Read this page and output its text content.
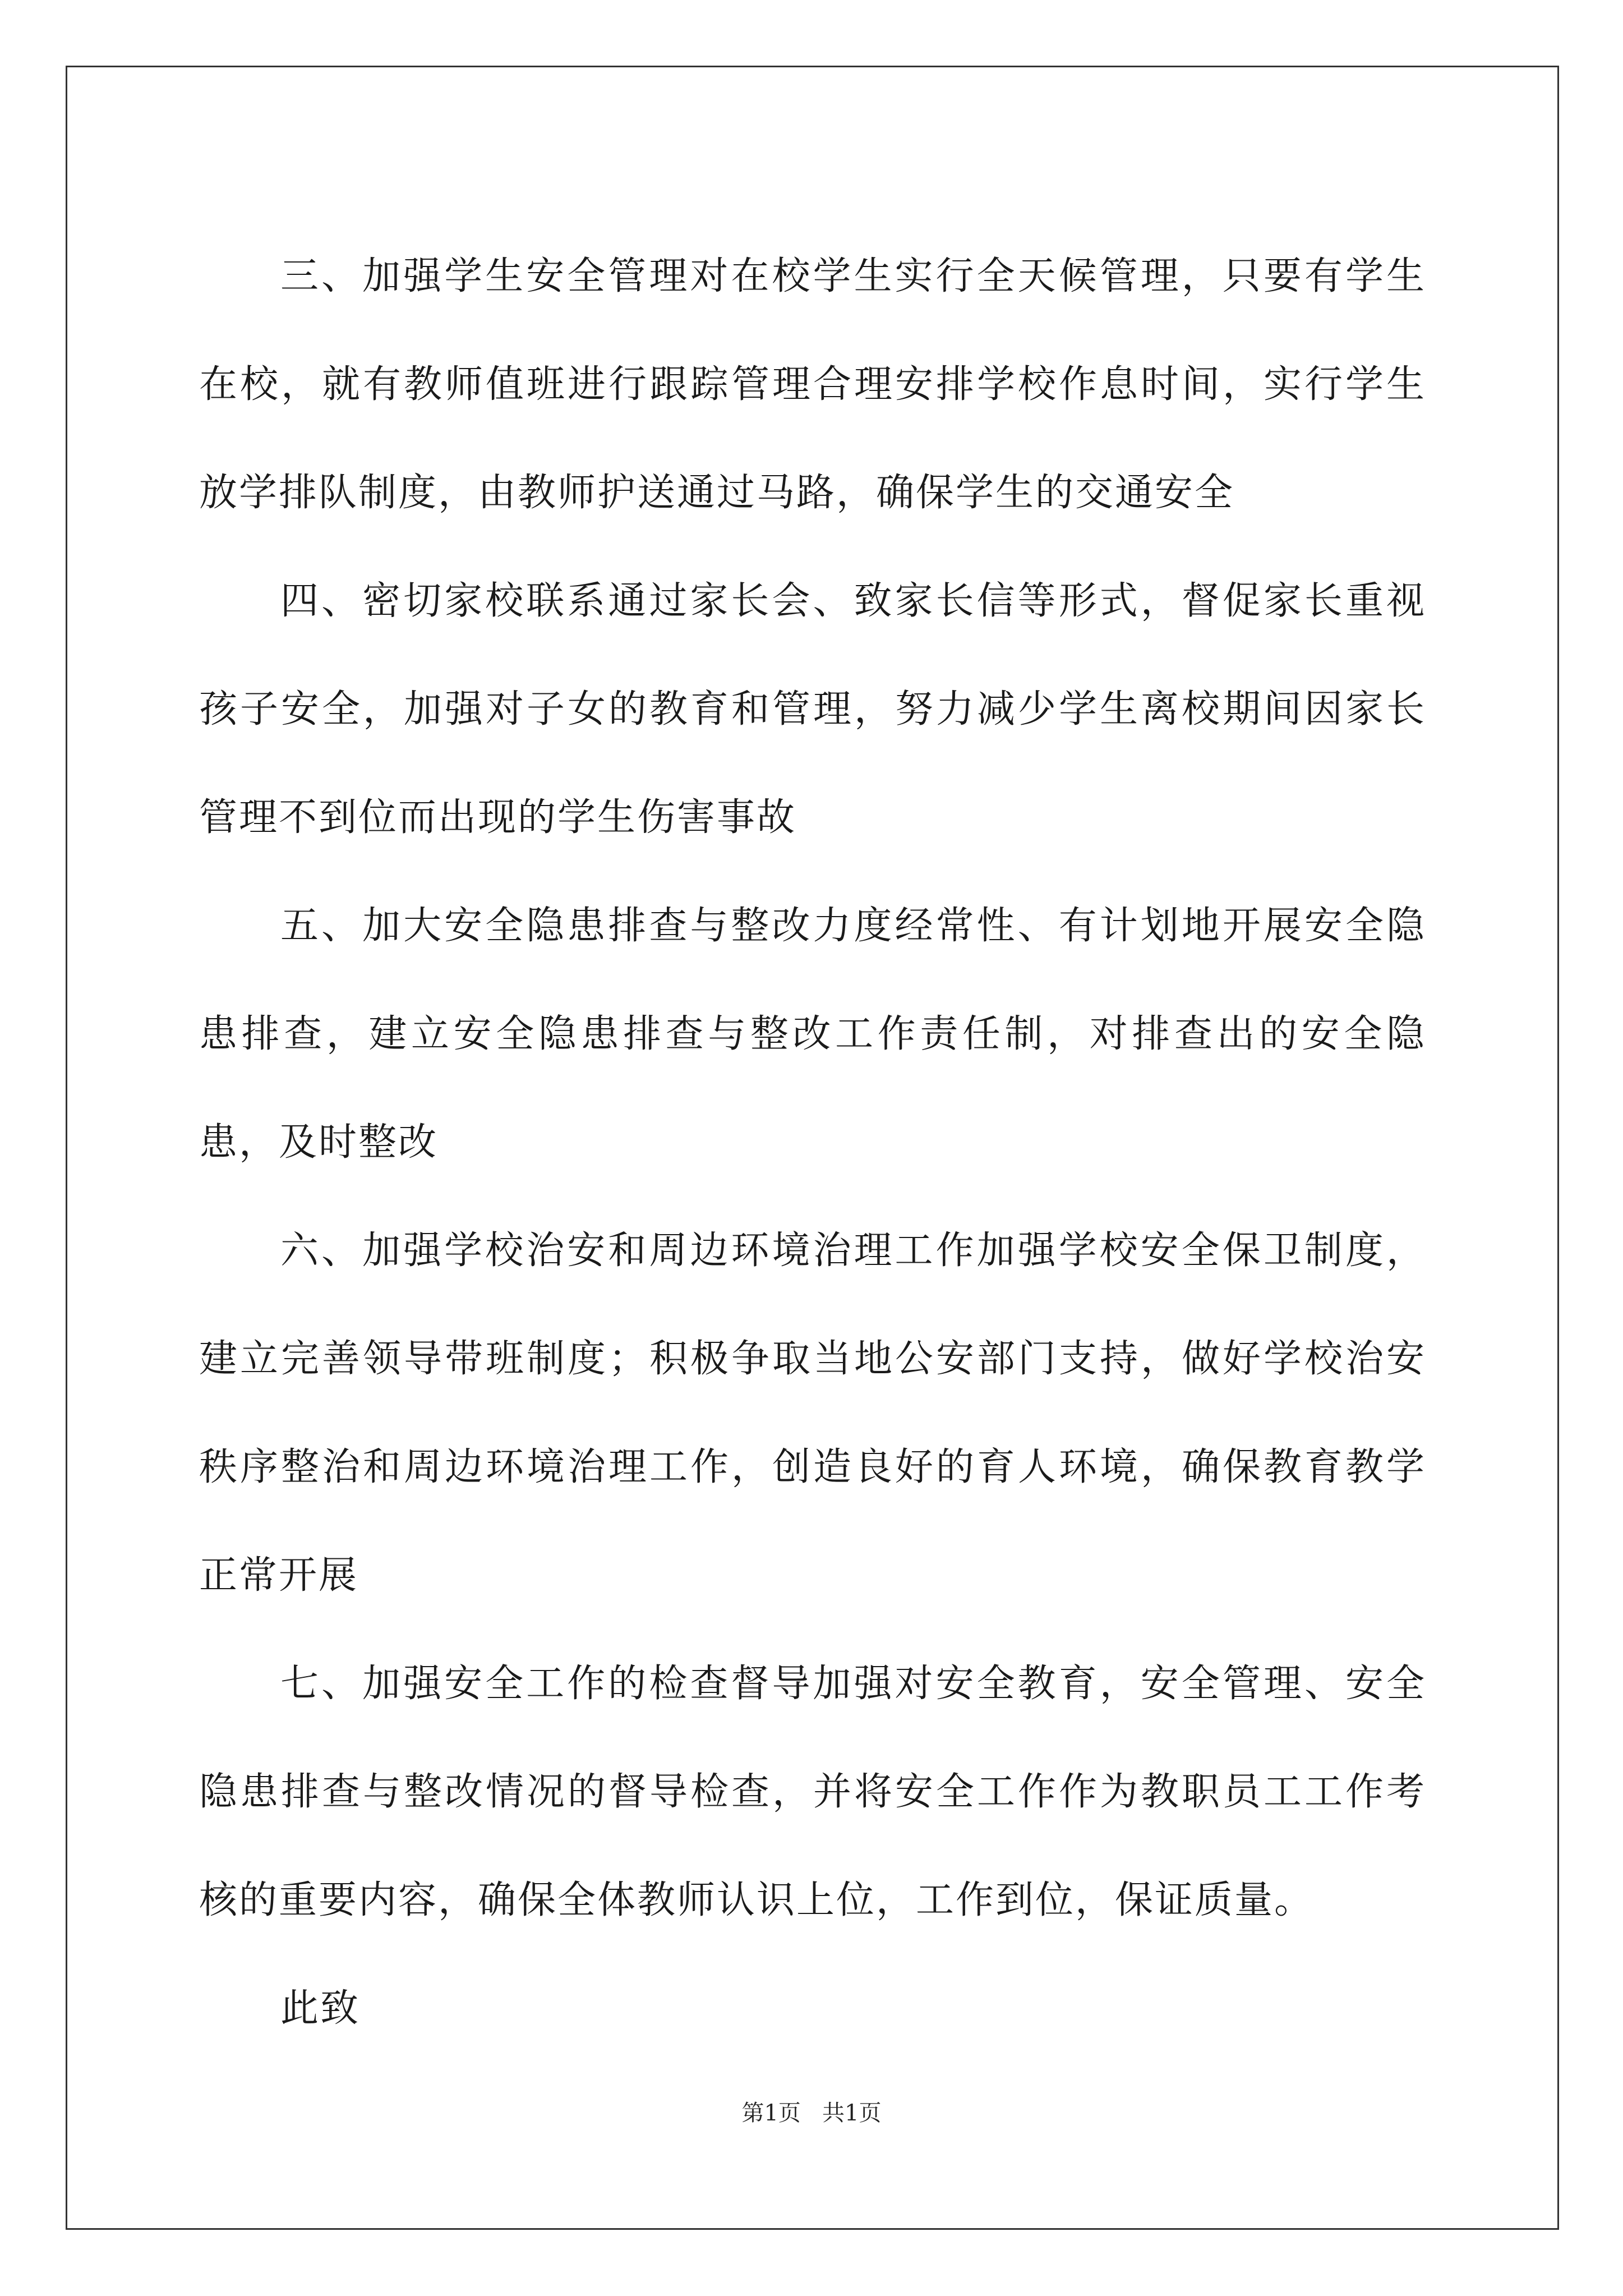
三、加强学生安全管理对在校学生实行全天候管理，只要有学生在校，就有教师值班进行跟踪管理合理安排学校作息时间，实行学生放学排队制度，由教师护送通过马路，确保学生的交通安全

四、密切家校联系通过家长会、致家长信等形式，督促家长重视孩子安全，加强对子女的教育和管理，努力减少学生离校期间因家长管理不到位而出现的学生伤害事故

五、加大安全隐患排查与整改力度经常性、有计划地开展安全隐患排查，建立安全隐患排查与整改工作责任制，对排查出的安全隐患，及时整改

六、加强学校治安和周边环境治理工作加强学校安全保卫制度，建立完善领导带班制度；积极争取当地公安部门支持，做好学校治安秩序整治和周边环境治理工作，创造良好的育人环境，确保教育教学正常开展

七、加强安全工作的检查督导加强对安全教育，安全管理、安全隐患排查与整改情况的督导检查，并将安全工作作为教职员工工作考核的重要内容，确保全体教师认识上位，工作到位，保证质量。

此致

第1页   共1页
